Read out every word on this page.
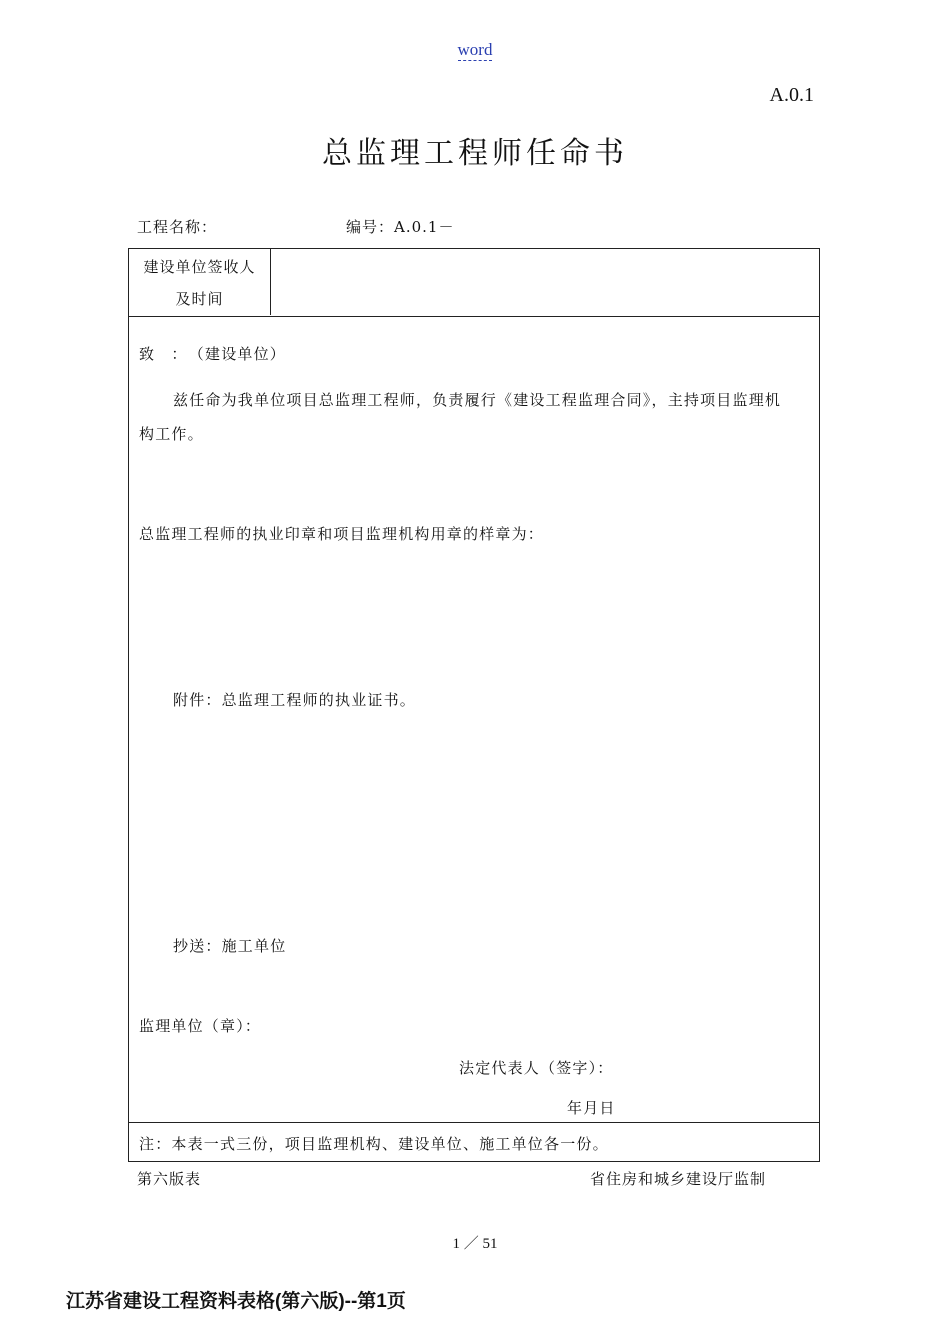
word
A.0.1
总监理工程师任命书
工程名称：	编号：A.0.1－
建设单位签收人
及时间
致　：　（建设单位）
兹任命为我单位项目总监理工程师，负责履行《建设工程监理合同》，主持项目监理机
构工作。
总监理工程师的执业印章和项目监理机构用章的样章为：
附件：总监理工程师的执业证书。
抄送：施工单位
监理单位（章）：
法定代表人（签字）：
年月日
注：本表一式三份，项目监理机构、建设单位、施工单位各一份。
第六版表	省住房和城乡建设厅监制
1 ／ 51
江苏省建设工程资料表格(第六版)--第1页
